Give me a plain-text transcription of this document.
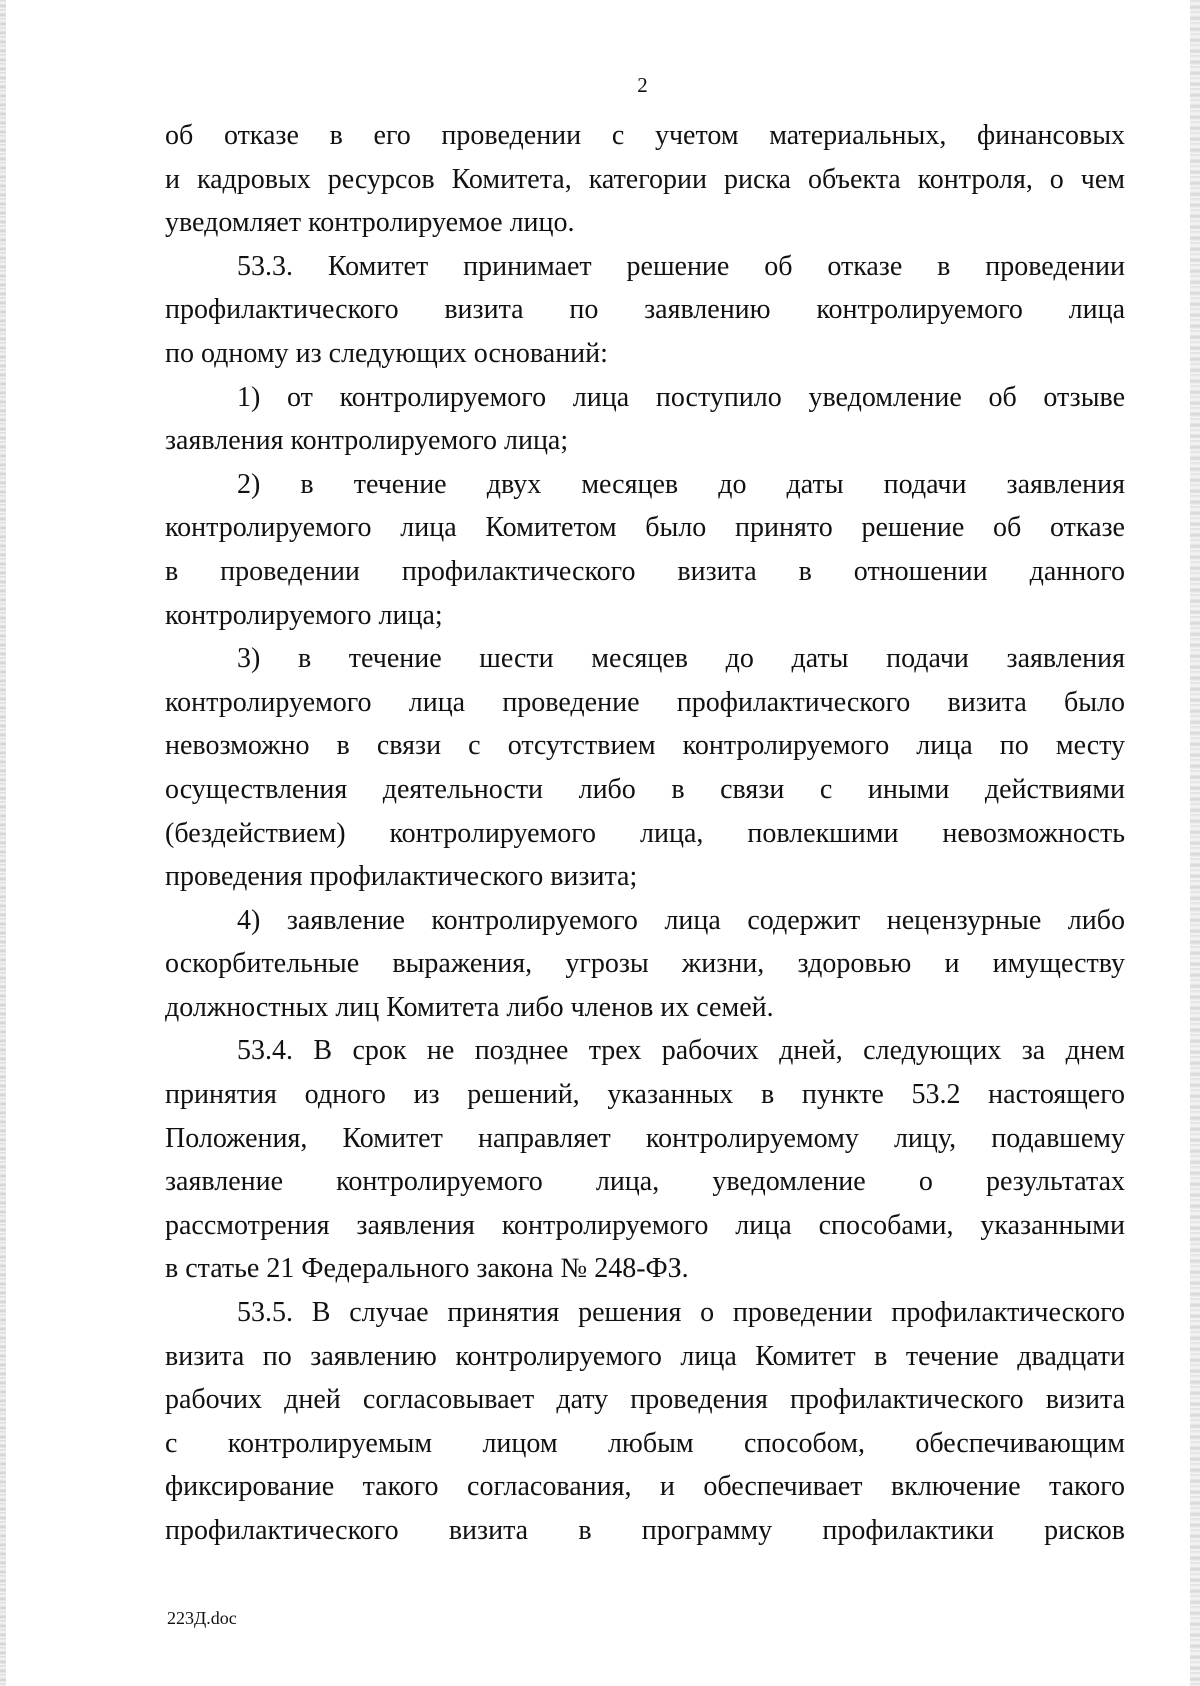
2
об отказе в его проведении с учетом материальных, финансовых
и кадровых ресурсов Комитета, категории риска объекта контроля, о чем
уведомляет контролируемое лицо.
53.3. Комитет принимает решение об отказе в проведении
профилактического визита по заявлению контролируемого лица
по одному из следующих оснований:
1) от контролируемого лица поступило уведомление об отзыве
заявления контролируемого лица;
2) в течение двух месяцев до даты подачи заявления
контролируемого лица Комитетом было принято решение об отказе
в проведении профилактического визита в отношении данного
контролируемого лица;
3) в течение шести месяцев до даты подачи заявления
контролируемого лица проведение профилактического визита было
невозможно в связи с отсутствием контролируемого лица по месту
осуществления деятельности либо в связи с иными действиями
(бездействием) контролируемого лица, повлекшими невозможность
проведения профилактического визита;
4) заявление контролируемого лица содержит нецензурные либо
оскорбительные выражения, угрозы жизни, здоровью и имуществу
должностных лиц Комитета либо членов их семей.
53.4. В срок не позднее трех рабочих дней, следующих за днем
принятия одного из решений, указанных в пункте 53.2 настоящего
Положения, Комитет направляет контролируемому лицу, подавшему
заявление контролируемого лица, уведомление о результатах
рассмотрения заявления контролируемого лица способами, указанными
в статье 21 Федерального закона № 248-ФЗ.
53.5. В случае принятия решения о проведении профилактического
визита по заявлению контролируемого лица Комитет в течение двадцати
рабочих дней согласовывает дату проведения профилактического визита
с контролируемым лицом любым способом, обеспечивающим
фиксирование такого согласования, и обеспечивает включение такого
профилактического визита в программу профилактики рисков
223Д.doc
